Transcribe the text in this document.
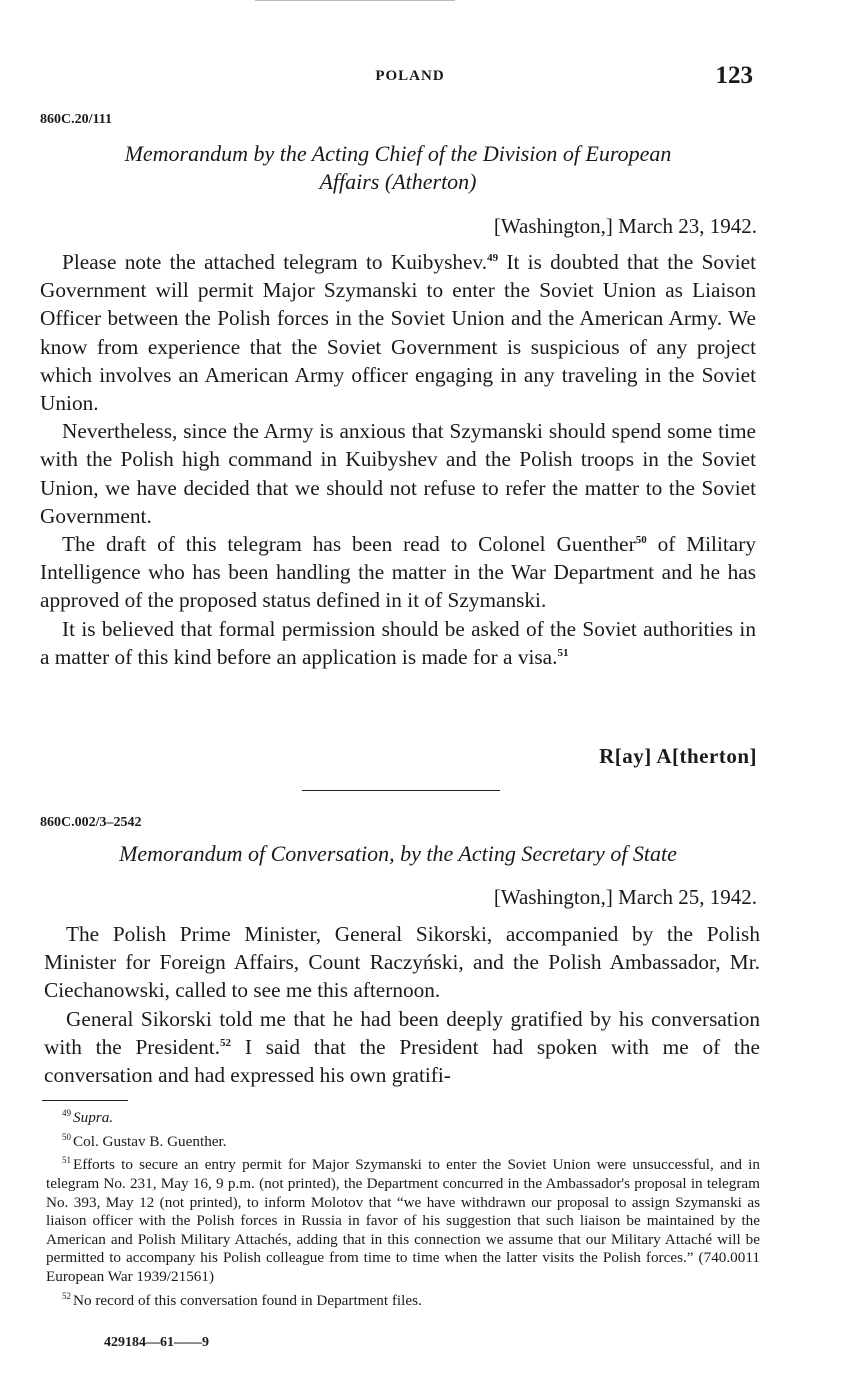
POLAND	123
860C.20/111
Memorandum by the Acting Chief of the Division of European
Affairs (Atherton)
[Washington,] March 23, 1942.

Please note the attached telegram to Kuibyshev.$^{49}$ It is doubted that the Soviet Government will permit Major Szymanski to enter the Soviet Union as Liaison Officer between the Polish forces in the Soviet Union and the American Army. We know from experience that the Soviet Government is suspicious of any project which involves an American Army officer engaging in any traveling in the Soviet Union.

Nevertheless, since the Army is anxious that Szymanski should spend some time with the Polish high command in Kuibyshev and the Polish troops in the Soviet Union, we have decided that we should not refuse to refer the matter to the Soviet Government.

The draft of this telegram has been read to Colonel Guenther$^{50}$ of Military Intelligence who has been handling the matter in the War Department and he has approved of the proposed status defined in it of Szymanski.

It is believed that formal permission should be asked of the Soviet authorities in a matter of this kind before an application is made for a visa.$^{51}$

R[ay] A[therton]
860C.002/3–2542
Memorandum of Conversation, by the Acting Secretary of State
[Washington,] March 25, 1942.

The Polish Prime Minister, General Sikorski, accompanied by the Polish Minister for Foreign Affairs, Count Raczyński, and the Polish Ambassador, Mr. Ciechanowski, called to see me this afternoon.

General Sikorski told me that he had been deeply gratified by his conversation with the President.$^{52}$ I said that the President had spoken with me of the conversation and had expressed his own gratifi-

$^{49}$ Supra.

$^{50}$ Col. Gustav B. Guenther.

$^{51}$ Efforts to secure an entry permit for Major Szymanski to enter the Soviet Union were unsuccessful, and in telegram No. 231, May 16, 9 p.m. (not printed), the Department concurred in the Ambassador's proposal in telegram No. 393, May 12 (not printed), to inform Molotov that “we have withdrawn our proposal to assign Szymanski as liaison officer with the Polish forces in Russia in favor of his suggestion that such liaison be maintained by the American and Polish Military Attachés, adding that in this connection we assume that our Military Attaché will be permitted to accompany his Polish colleague from time to time when the latter visits the Polish forces.” (740.0011 European War 1939/21561)

$^{52}$ No record of this conversation found in Department files.

429184—61——9
